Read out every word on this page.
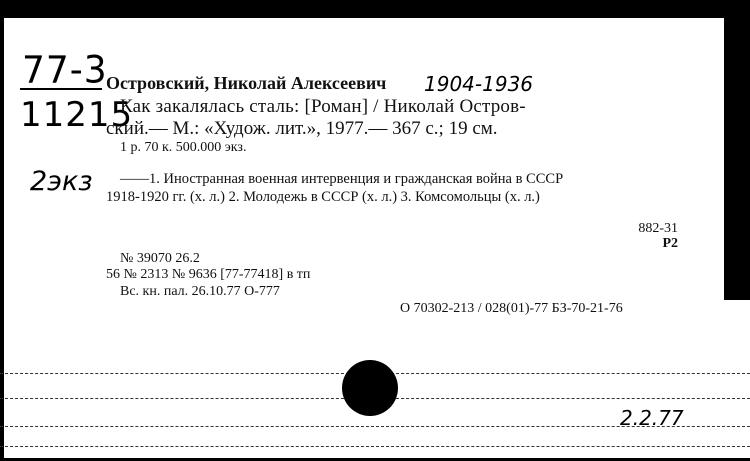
77-3
11215
Островский, Николай Алексеевич 1904-1936
Как закалялась сталь: [Роман] / Николай Остров-
ский.— М.: «Худож. лит.», 1977.— 367 с.; 19 см.
1 р. 70 к. 500.000 экз.
2экз ——1. Иностранная военная интервенция и гражданская война в СССР
1918-1920 гг. (х. л.) 2. Молодежь в СССР (х. л.) 3. Комсомольцы (х. л.)
882-31
Р2
№ 39070 26.2
56 № 2313 № 9636 [77-77418] в тп
Вс. кн. пал. 26.10.77 О-777
О 70302-213 / 028(01)-77 БЗ-70-21-76
2.2.77
